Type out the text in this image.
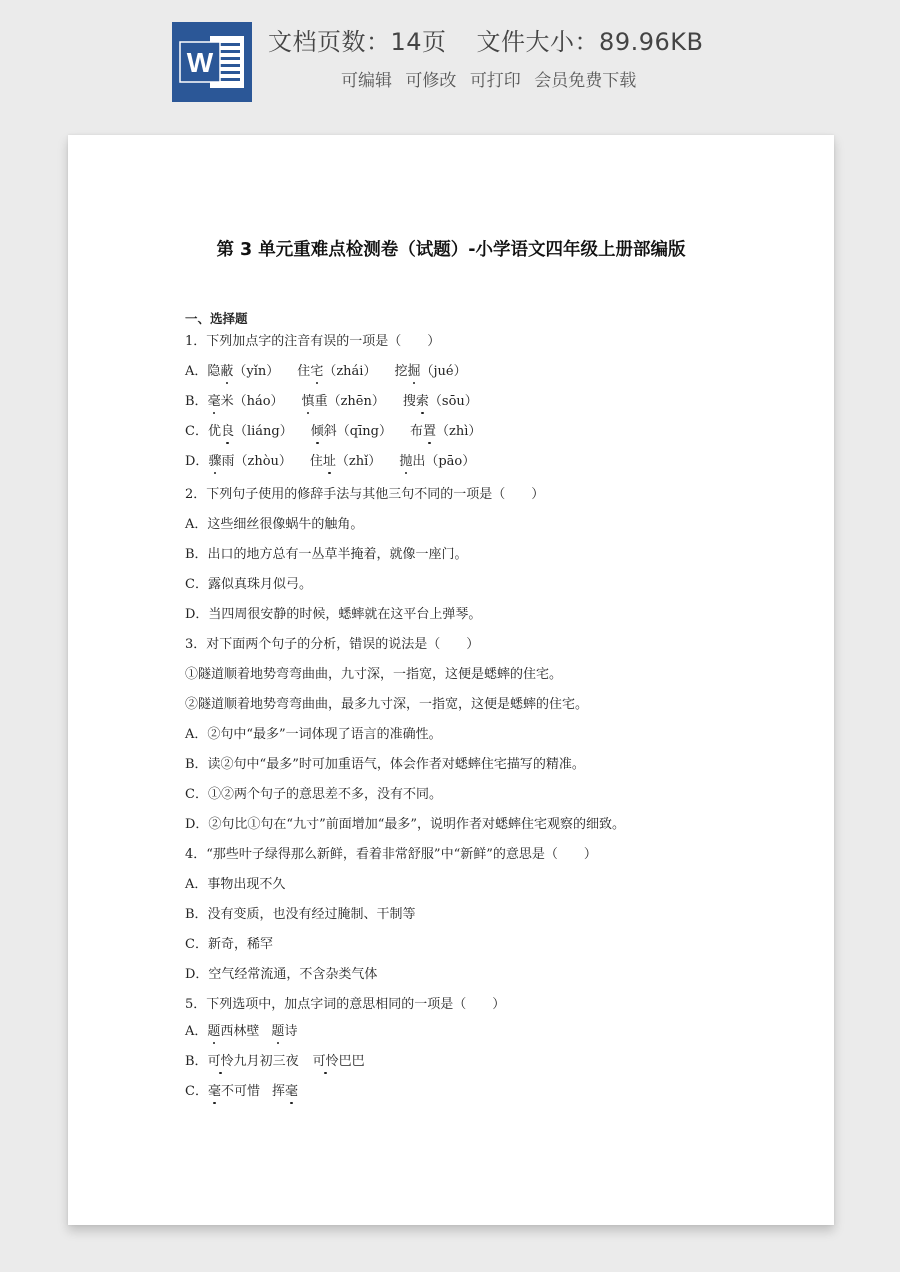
W
文档页数：14页 文件大小：89.96KB
可编辑 可修改 可打印 会员免费下载
第 3 单元重难点检测卷（试题）-小学语文四年级上册部编版
一、选择题
1．下列加点字的注音有误的一项是（　　）
A．隐蔽（yǐn） 住宅（zhái） 挖掘（jué）
B．毫米（háo） 慎重（zhēn） 搜索（sōu）
C．优良（liáng） 倾斜（qīng） 布置（zhì）
D．骤雨（zhòu） 住址（zhǐ） 抛出（pāo）
2．下列句子使用的修辞手法与其他三句不同的一项是（　　）
A．这些细丝很像蜗牛的触角。
B．出口的地方总有一丛草半掩着，就像一座门。
C．露似真珠月似弓。
D．当四周很安静的时候，蟋蟀就在这平台上弹琴。
3．对下面两个句子的分析，错误的说法是（　　）
①隧道顺着地势弯弯曲曲，九寸深，一指宽，这便是蟋蟀的住宅。
②隧道顺着地势弯弯曲曲，最多九寸深，一指宽，这便是蟋蟀的住宅。
A．②句中“最多”一词体现了语言的准确性。
B．读②句中“最多”时可加重语气，体会作者对蟋蟀住宅描写的精准。
C．①②两个句子的意思差不多，没有不同。
D．②句比①句在“九寸”前面增加“最多”，说明作者对蟋蟀住宅观察的细致。
4．“那些叶子绿得那么新鲜，看着非常舒服”中“新鲜”的意思是（　　）
A．事物出现不久
B．没有变质，也没有经过腌制、干制等
C．新奇，稀罕
D．空气经常流通，不含杂类气体
5．下列选项中，加点字词的意思相同的一项是（　　）
A．题西林壁 题诗
B．可怜九月初三夜 可怜巴巴
C．毫不可惜 挥毫
